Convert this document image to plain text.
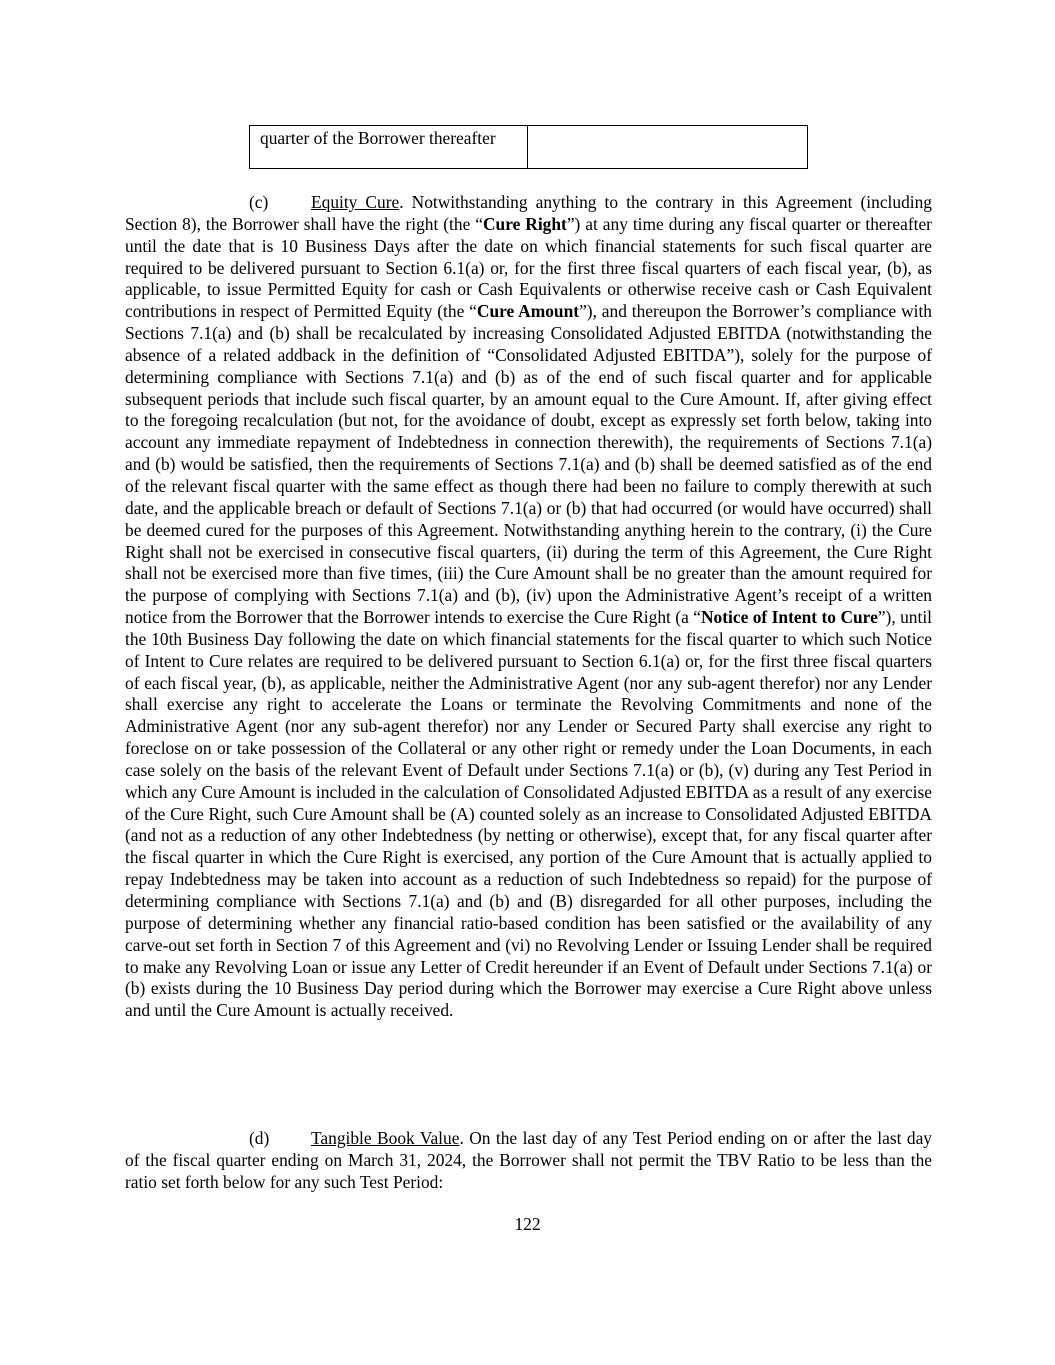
quarter of the Borrower thereafter	

(c) Equity Cure. Notwithstanding anything to the contrary in this Agreement (including Section 8), the Borrower shall have the right (the “Cure Right”) at any time during any fiscal quarter or thereafter until the date that is 10 Business Days after the date on which financial statements for such fiscal quarter are required to be delivered pursuant to Section 6.1(a) or, for the first three fiscal quarters of each fiscal year, (b), as applicable, to issue Permitted Equity for cash or Cash Equivalents or otherwise receive cash or Cash Equivalent contributions in respect of Permitted Equity (the “Cure Amount”), and thereupon the Borrower’s compliance with Sections 7.1(a) and (b) shall be recalculated by increasing Consolidated Adjusted EBITDA (notwithstanding the absence of a related addback in the definition of “Consolidated Adjusted EBITDA”), solely for the purpose of determining compliance with Sections 7.1(a) and (b) as of the end of such fiscal quarter and for applicable subsequent periods that include such fiscal quarter, by an amount equal to the Cure Amount. If, after giving effect to the foregoing recalculation (but not, for the avoidance of doubt, except as expressly set forth below, taking into account any immediate repayment of Indebtedness in connection therewith), the requirements of Sections 7.1(a) and (b) would be satisfied, then the requirements of Sections 7.1(a) and (b) shall be deemed satisfied as of the end of the relevant fiscal quarter with the same effect as though there had been no failure to comply therewith at such date, and the applicable breach or default of Sections 7.1(a) or (b) that had occurred (or would have occurred) shall be deemed cured for the purposes of this Agreement. Notwithstanding anything herein to the contrary, (i) the Cure Right shall not be exercised in consecutive fiscal quarters, (ii) during the term of this Agreement, the Cure Right shall not be exercised more than five times, (iii) the Cure Amount shall be no greater than the amount required for the purpose of complying with Sections 7.1(a) and (b), (iv) upon the Administrative Agent’s receipt of a written notice from the Borrower that the Borrower intends to exercise the Cure Right (a “Notice of Intent to Cure”), until the 10th Business Day following the date on which financial statements for the fiscal quarter to which such Notice of Intent to Cure relates are required to be delivered pursuant to Section 6.1(a) or, for the first three fiscal quarters of each fiscal year, (b), as applicable, neither the Administrative Agent (nor any sub-agent therefor) nor any Lender shall exercise any right to accelerate the Loans or terminate the Revolving Commitments and none of the Administrative Agent (nor any sub-agent therefor) nor any Lender or Secured Party shall exercise any right to foreclose on or take possession of the Collateral or any other right or remedy under the Loan Documents, in each case solely on the basis of the relevant Event of Default under Sections 7.1(a) or (b), (v) during any Test Period in which any Cure Amount is included in the calculation of Consolidated Adjusted EBITDA as a result of any exercise of the Cure Right, such Cure Amount shall be (A) counted solely as an increase to Consolidated Adjusted EBITDA (and not as a reduction of any other Indebtedness (by netting or otherwise), except that, for any fiscal quarter after the fiscal quarter in which the Cure Right is exercised, any portion of the Cure Amount that is actually applied to repay Indebtedness may be taken into account as a reduction of such Indebtedness so repaid) for the purpose of determining compliance with Sections 7.1(a) and (b) and (B) disregarded for all other purposes, including the purpose of determining whether any financial ratio-based condition has been satisfied or the availability of any carve-out set forth in Section 7 of this Agreement and (vi) no Revolving Lender or Issuing Lender shall be required to make any Revolving Loan or issue any Letter of Credit hereunder if an Event of Default under Sections 7.1(a) or (b) exists during the 10 Business Day period during which the Borrower may exercise a Cure Right above unless and until the Cure Amount is actually received.

(d) Tangible Book Value. On the last day of any Test Period ending on or after the last day of the fiscal quarter ending on March 31, 2024, the Borrower shall not permit the TBV Ratio to be less than the ratio set forth below for any such Test Period:

122
